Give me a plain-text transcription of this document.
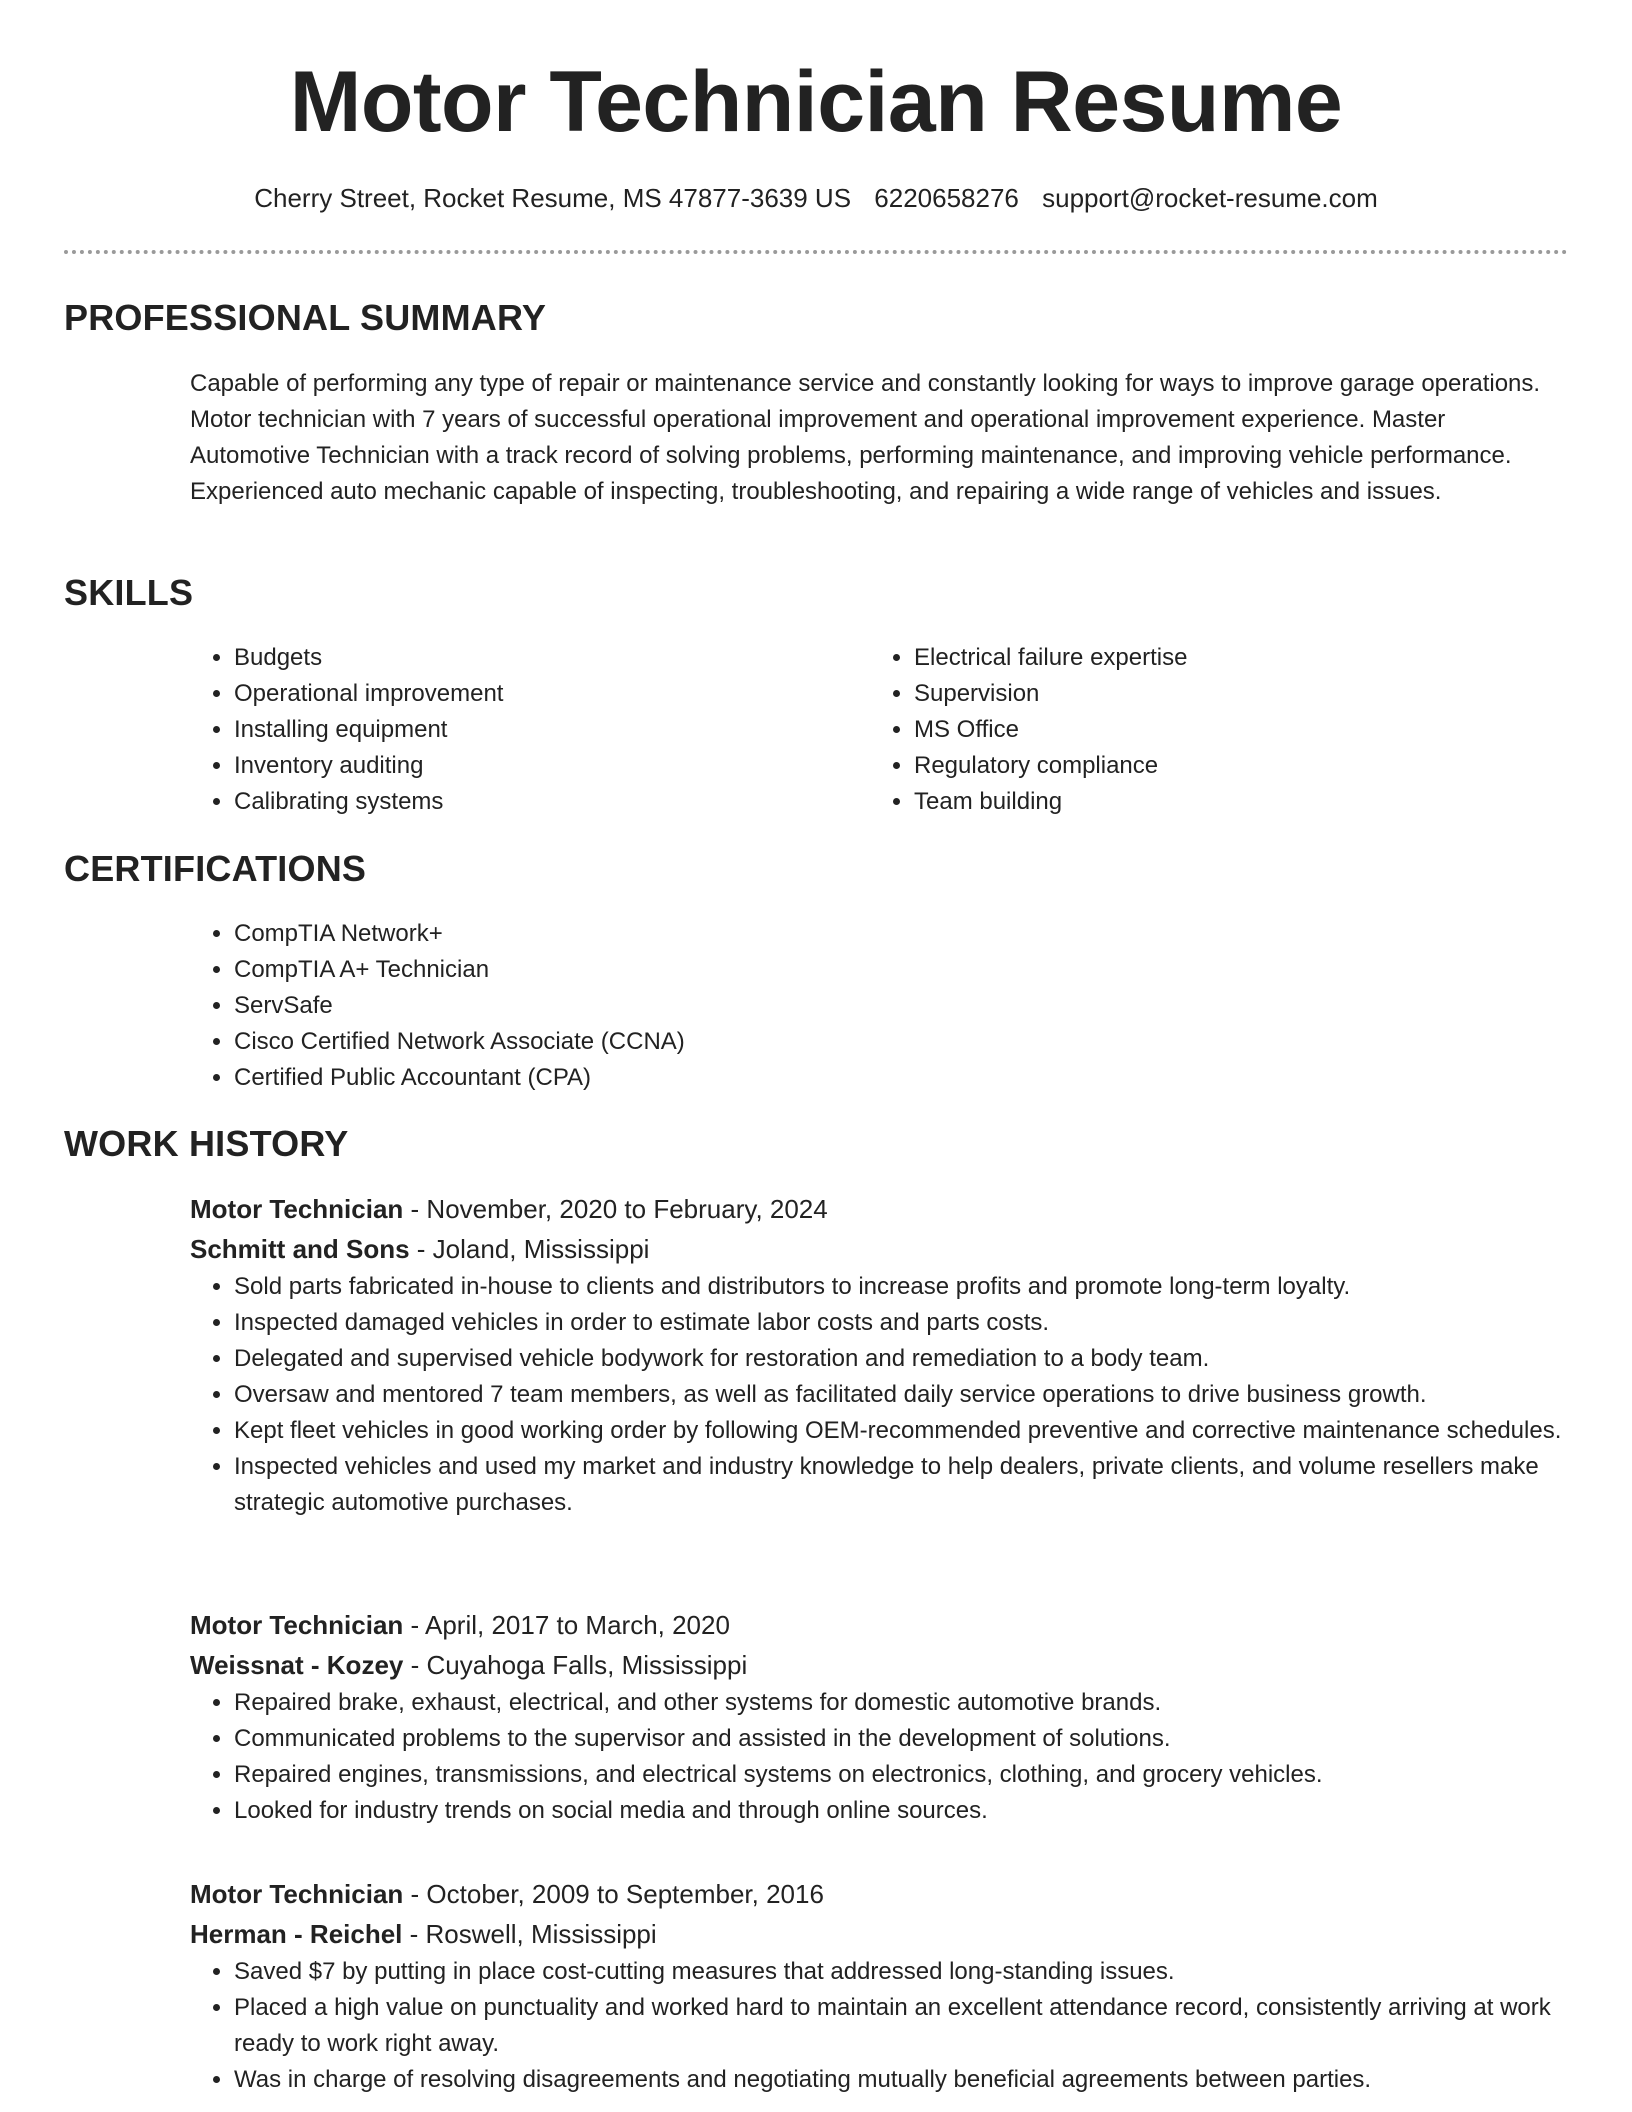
Motor Technician Resume
Cherry Street, Rocket Resume, MS 47877-3639 US 6220658276 support@rocket-resume.com
PROFESSIONAL SUMMARY

Capable of performing any type of repair or maintenance service and constantly looking for ways to improve garage operations. Motor technician with 7 years of successful operational improvement and operational improvement experience. Master Automotive Technician with a track record of solving problems, performing maintenance, and improving vehicle performance. Experienced auto mechanic capable of inspecting, troubleshooting, and repairing a wide range of vehicles and issues.

SKILLS
• Budgets
• Operational improvement
• Installing equipment
• Inventory auditing
• Calibrating systems
• Electrical failure expertise
• Supervision
• MS Office
• Regulatory compliance
• Team building
CERTIFICATIONS
• CompTIA Network+
• CompTIA A+ Technician
• ServSafe
• Cisco Certified Network Associate (CCNA)
• Certified Public Accountant (CPA)
WORK HISTORY

Motor Technician - November, 2020 to February, 2024

Schmitt and Sons - Joland, Mississippi

• Sold parts fabricated in-house to clients and distributors to increase profits and promote long-term loyalty.
• Inspected damaged vehicles in order to estimate labor costs and parts costs.
• Delegated and supervised vehicle bodywork for restoration and remediation to a body team.
• Oversaw and mentored 7 team members, as well as facilitated daily service operations to drive business growth.
• Kept fleet vehicles in good working order by following OEM-recommended preventive and corrective maintenance schedules.
• Inspected vehicles and used my market and industry knowledge to help dealers, private clients, and volume resellers make strategic automotive purchases.

Motor Technician - April, 2017 to March, 2020

Weissnat - Kozey - Cuyahoga Falls, Mississippi

• Repaired brake, exhaust, electrical, and other systems for domestic automotive brands.
• Communicated problems to the supervisor and assisted in the development of solutions.
• Repaired engines, transmissions, and electrical systems on electronics, clothing, and grocery vehicles.
• Looked for industry trends on social media and through online sources.

Motor Technician - October, 2009 to September, 2016

Herman - Reichel - Roswell, Mississippi

• Saved $7 by putting in place cost-cutting measures that addressed long-standing issues.
• Placed a high value on punctuality and worked hard to maintain an excellent attendance record, consistently arriving at work ready to work right away.
• Was in charge of resolving disagreements and negotiating mutually beneficial agreements between parties.
